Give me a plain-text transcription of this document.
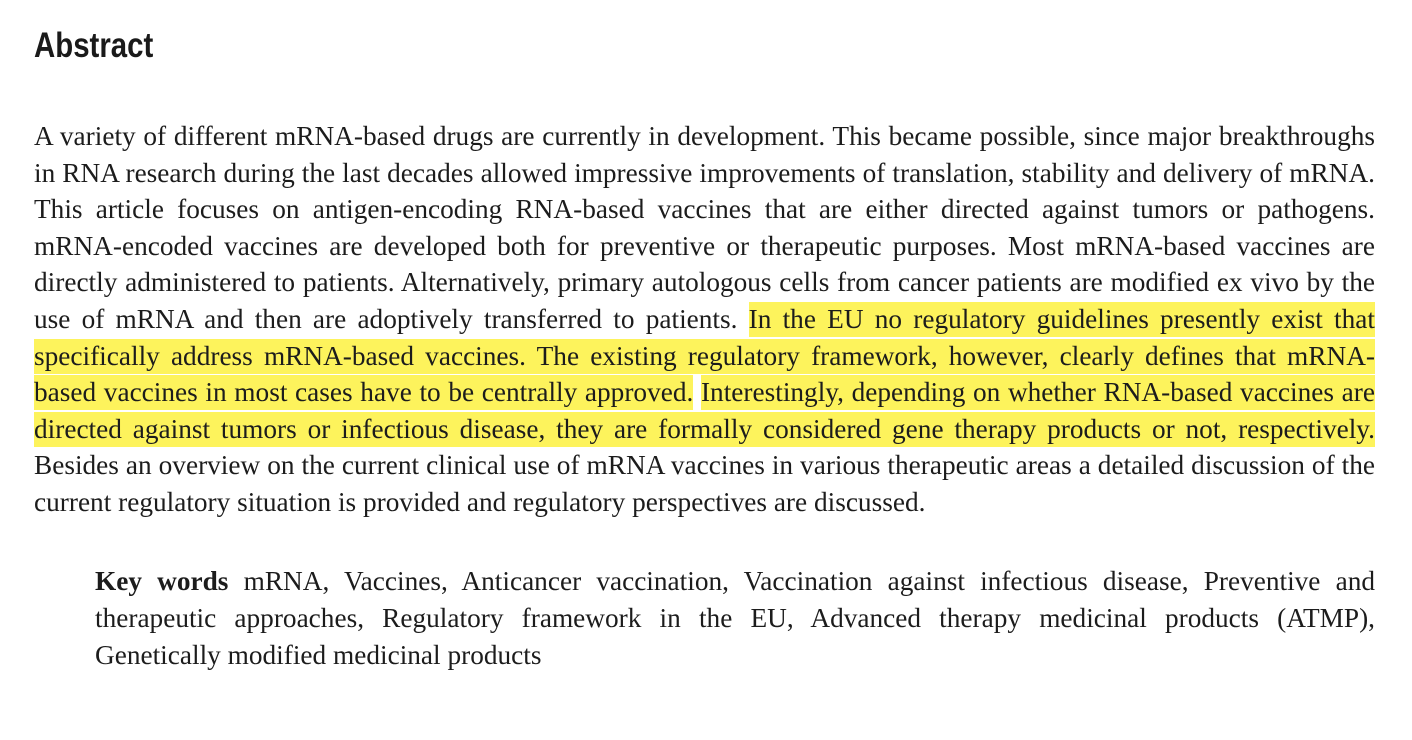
Abstract

A variety of different mRNA-based drugs are currently in development. This became possible, since major breakthroughs in RNA research during the last decades allowed impressive improvements of translation, stability and delivery of mRNA. This article focuses on antigen-encoding RNA-based vaccines that are either directed against tumors or pathogens. mRNA-encoded vaccines are developed both for preventive or therapeutic purposes. Most mRNA-based vaccines are directly administered to patients. Alternatively, primary autologous cells from cancer patients are modified ex vivo by the use of mRNA and then are adoptively transferred to patients. In the EU no regulatory guidelines presently exist that specifically address mRNA-based vaccines. The existing regulatory framework, however, clearly defines that mRNA-based vaccines in most cases have to be centrally approved. Interestingly, depending on whether RNA-based vaccines are directed against tumors or infectious disease, they are formally considered gene therapy products or not, respectively. Besides an overview on the current clinical use of mRNA vaccines in various therapeutic areas a detailed discussion of the current regulatory situation is provided and regulatory perspectives are discussed.

Key words mRNA, Vaccines, Anticancer vaccination, Vaccination against infectious disease, Preventive and therapeutic approaches, Regulatory framework in the EU, Advanced therapy medicinal products (ATMP), Genetically modified medicinal products
